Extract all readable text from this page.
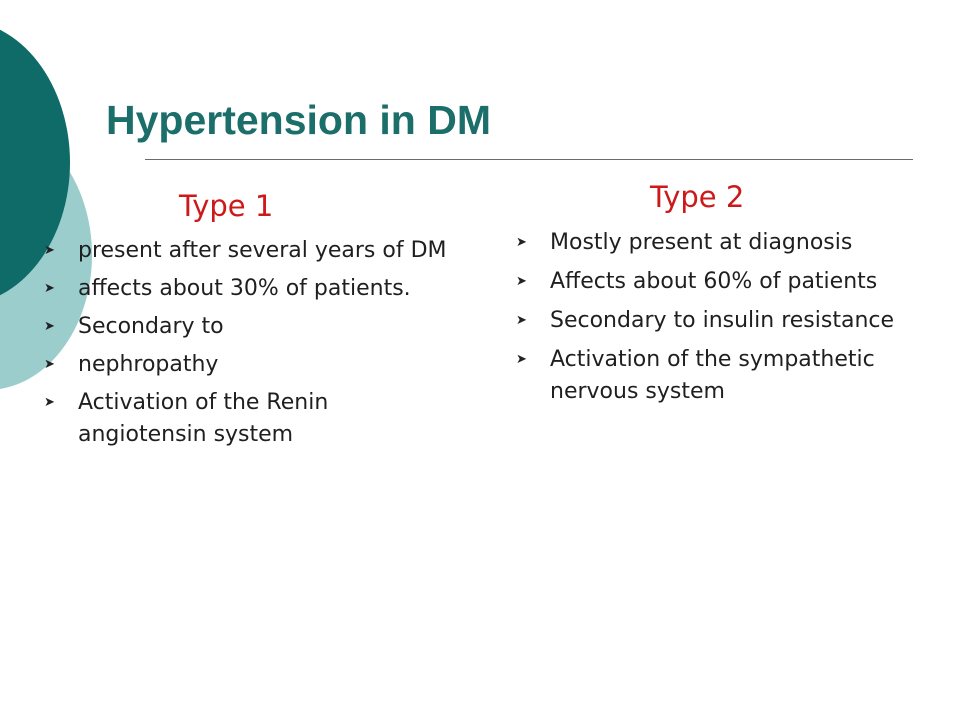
Hypertension in DM
Type 1
➤ present after several years of DM
➤ affects about 30% of patients.
➤ Secondary to
➤ nephropathy
➤ Activation of the Renin angiotensin system
Type 2
➤ Mostly present at diagnosis
➤ Affects about 60% of patients
➤ Secondary to insulin resistance
➤ Activation of the sympathetic nervous system
